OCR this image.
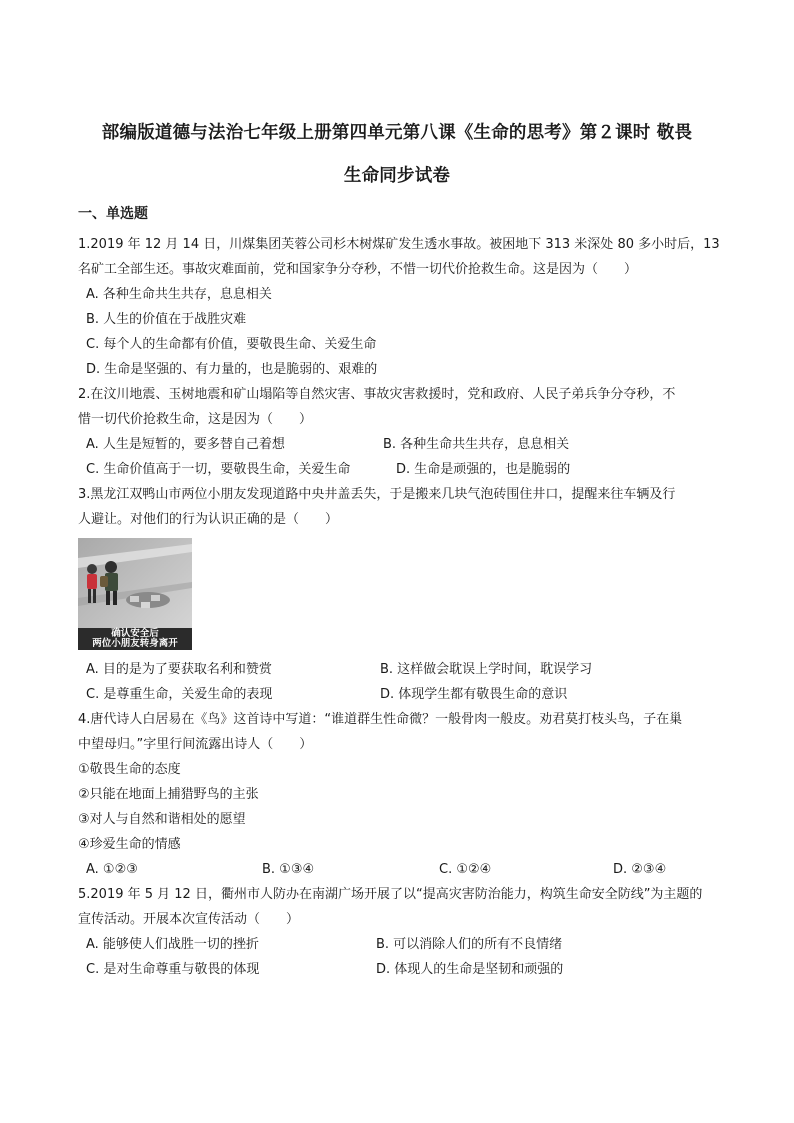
部编版道德与法治七年级上册第四单元第八课《生命的思考》第２课时 敬畏
生命同步试卷
一、单选题
1.2019 年 12 月 14 日，川煤集团芙蓉公司杉木树煤矿发生透水事故。被困地下 313 米深处 80 多小时后，13
名矿工全部生还。事故灾难面前，党和国家争分夺秒，不惜一切代价抢救生命。这是因为（　　）
A. 各种生命共生共存，息息相关
B. 人生的价值在于战胜灾难
C. 每个人的生命都有价值，要敬畏生命、关爱生命
D. 生命是坚强的、有力量的，也是脆弱的、艰难的
2.在汶川地震、玉树地震和矿山塌陷等自然灾害、事故灾害救援时，党和政府、人民子弟兵争分夺秒，不
惜一切代价抢救生命，这是因为（　　）
A. 人生是短暂的，要多替自己着想	B. 各种生命共生共存，息息相关
C. 生命价值高于一切，要敬畏生命，关爱生命	D. 生命是顽强的，也是脆弱的
3.黑龙江双鸭山市两位小朋友发现道路中央井盖丢失，于是搬来几块气泡砖围住井口，提醒来往车辆及行
人避让。对他们的行为认识正确的是（　　）
确认安全后
两位小朋友转身离开
A. 目的是为了要获取名利和赞赏	B. 这样做会耽误上学时间，耽误学习
C. 是尊重生命，关爱生命的表现	D. 体现学生都有敬畏生命的意识
4.唐代诗人白居易在《鸟》这首诗中写道：“谁道群生性命微？一般骨肉一般皮。劝君莫打枝头鸟，子在巢
中望母归。”字里行间流露出诗人（　　）
①敬畏生命的态度
②只能在地面上捕猎野鸟的主张
③对人与自然和谐相处的愿望
④珍爱生命的情感
A. ①②③	B. ①③④	C. ①②④	D. ②③④
5.2019 年 5 月 12 日，衢州市人防办在南湖广场开展了以“提高灾害防治能力，构筑生命安全防线”为主题的
宣传活动。开展本次宣传活动（　　）
A. 能够使人们战胜一切的挫折	B. 可以消除人们的所有不良情绪
C. 是对生命尊重与敬畏的体现	D. 体现人的生命是坚韧和顽强的
